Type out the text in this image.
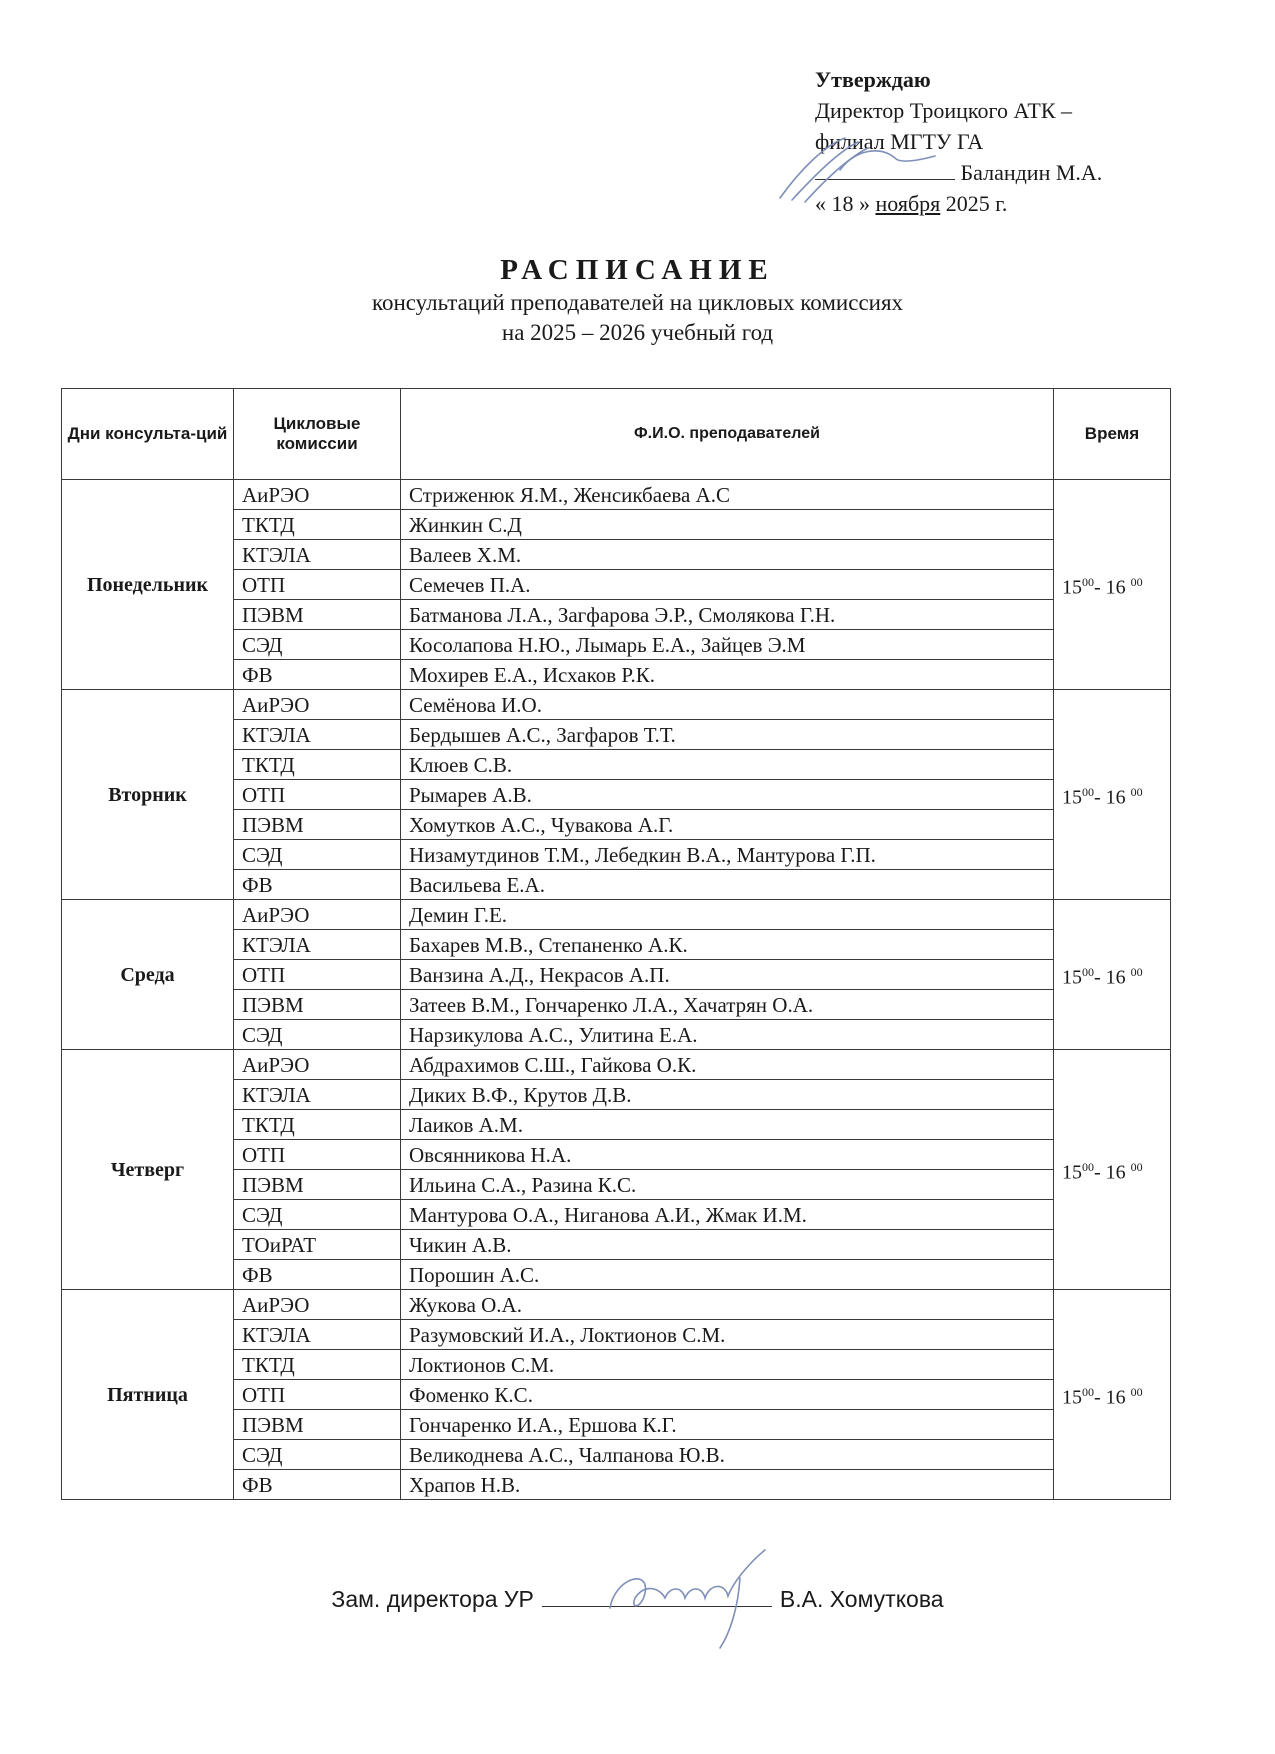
Утверждаю
Директор Троицкого АТК –
филиал МГТУ ГА
Баландин М.А.
« 18 » ноября 2025 г.
РАСПИСАНИЕ
консультаций преподавателей на цикловых комиссиях
на 2025 – 2026 учебный год
Дни консульта-ций	Цикловые комиссии	Ф.И.О. преподавателей	Время
Понедельник	АиРЭО	Стриженюк Я.М., Женсикбаева А.С	$15^{00}-$ 16 $^{00}$
	ТКТД	Жинкин С.Д	
	КТЭЛА	Валеев Х.М.	
	ОТП	Семечев П.А.	
	ПЭВМ	Батманова Л.А., Загфарова Э.Р., Смолякова Г.Н.	
	СЭД	Косолапова Н.Ю., Лымарь Е.А., Зайцев Э.М	
	ФВ	Мохирев Е.А., Исхаков Р.К.	
Вторник	АиРЭО	Семёнова И.О.	$15^{00}-$ 16 $^{00}$
	КТЭЛА	Бердышев А.С., Загфаров Т.Т.	
	ТКТД	Клюев С.В.	
	ОТП	Рымарев А.В.	
	ПЭВМ	Хомутков А.С., Чувакова А.Г.	
	СЭД	Низамутдинов Т.М., Лебедкин В.А., Мантурова Г.П.	
	ФВ	Васильева Е.А.	
Среда	АиРЭО	Демин Г.Е.	$15^{00}-$ 16 $^{00}$
	КТЭЛА	Бахарев М.В., Степаненко А.К.	
	ОТП	Ванзина А.Д., Некрасов А.П.	
	ПЭВМ	Затеев В.М., Гончаренко Л.А., Хачатрян О.А.	
	СЭД	Нарзикулова А.С., Улитина Е.А.	
Четверг	АиРЭО	Абдрахимов С.Ш., Гайкова О.К.	$15^{00}-$ 16 $^{00}$
	КТЭЛА	Диких В.Ф., Крутов Д.В.	
	ТКТД	Лаиков А.М.	
	ОТП	Овсянникова Н.А.	
	ПЭВМ	Ильина С.А., Разина К.С.	
	СЭД	Мантурова О.А., Ниганова А.И., Жмак И.М.	
	ТОиРАТ	Чикин А.В.	
	ФВ	Порошин А.С.	
Пятница	АиРЭО	Жукова О.А.	$15^{00}-$ 16 $^{00}$
	КТЭЛА	Разумовский И.А., Локтионов С.М.	
	ТКТД	Локтионов С.М.	
	ОТП	Фоменко К.С.	
	ПЭВМ	Гончаренко И.А., Ершова К.Г.	
	СЭД	Великоднева А.С., Чалпанова Ю.В.	
	ФВ	Храпов Н.В.	
Зам. директора УР	В.А. Хомуткова
